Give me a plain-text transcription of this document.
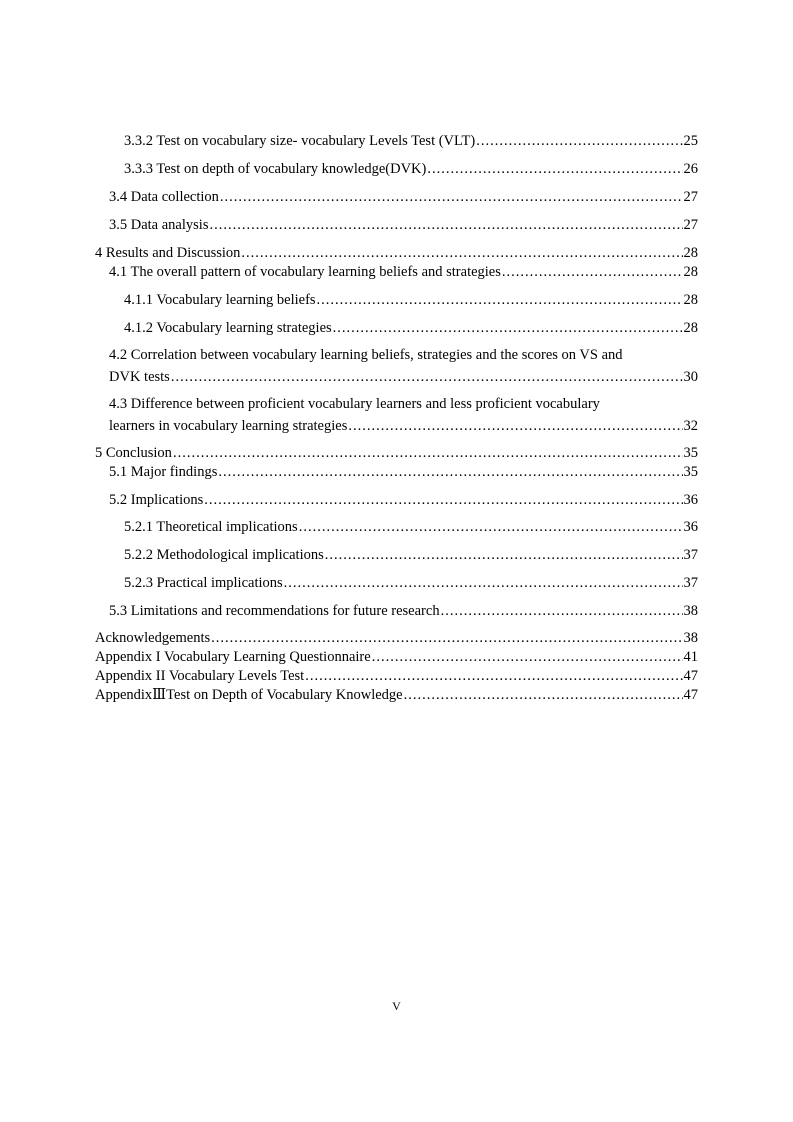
3.3.2 Test on vocabulary size- vocabulary Levels Test (VLT) .....	25
3.3.3 Test on depth of vocabulary knowledge(DVK) .....	26
3.4 Data collection .....	27
3.5 Data analysis .....	27
4 Results and Discussion .....	28
4.1 The overall pattern of vocabulary learning beliefs and strategies .....	28
4.1.1 Vocabulary learning beliefs .....	28
4.1.2 Vocabulary learning strategies .....	28
4.2 Correlation between vocabulary learning beliefs, strategies and the scores on VS and
DVK tests .....	30
4.3 Difference between proficient vocabulary learners and less proficient vocabulary
learners in vocabulary learning strategies .....	32
5 Conclusion .....	35
5.1 Major findings .....	35
5.2 Implications .....	36
5.2.1 Theoretical implications .....	36
5.2.2 Methodological implications .....	37
5.2.3 Practical implications .....	37
5.3 Limitations and recommendations for future research .....	38
Acknowledgements .....	38
Appendix I Vocabulary Learning Questionnaire .....	41
Appendix II Vocabulary Levels Test .....	47
AppendixⅢTest on Depth of Vocabulary Knowledge .....	47
V
